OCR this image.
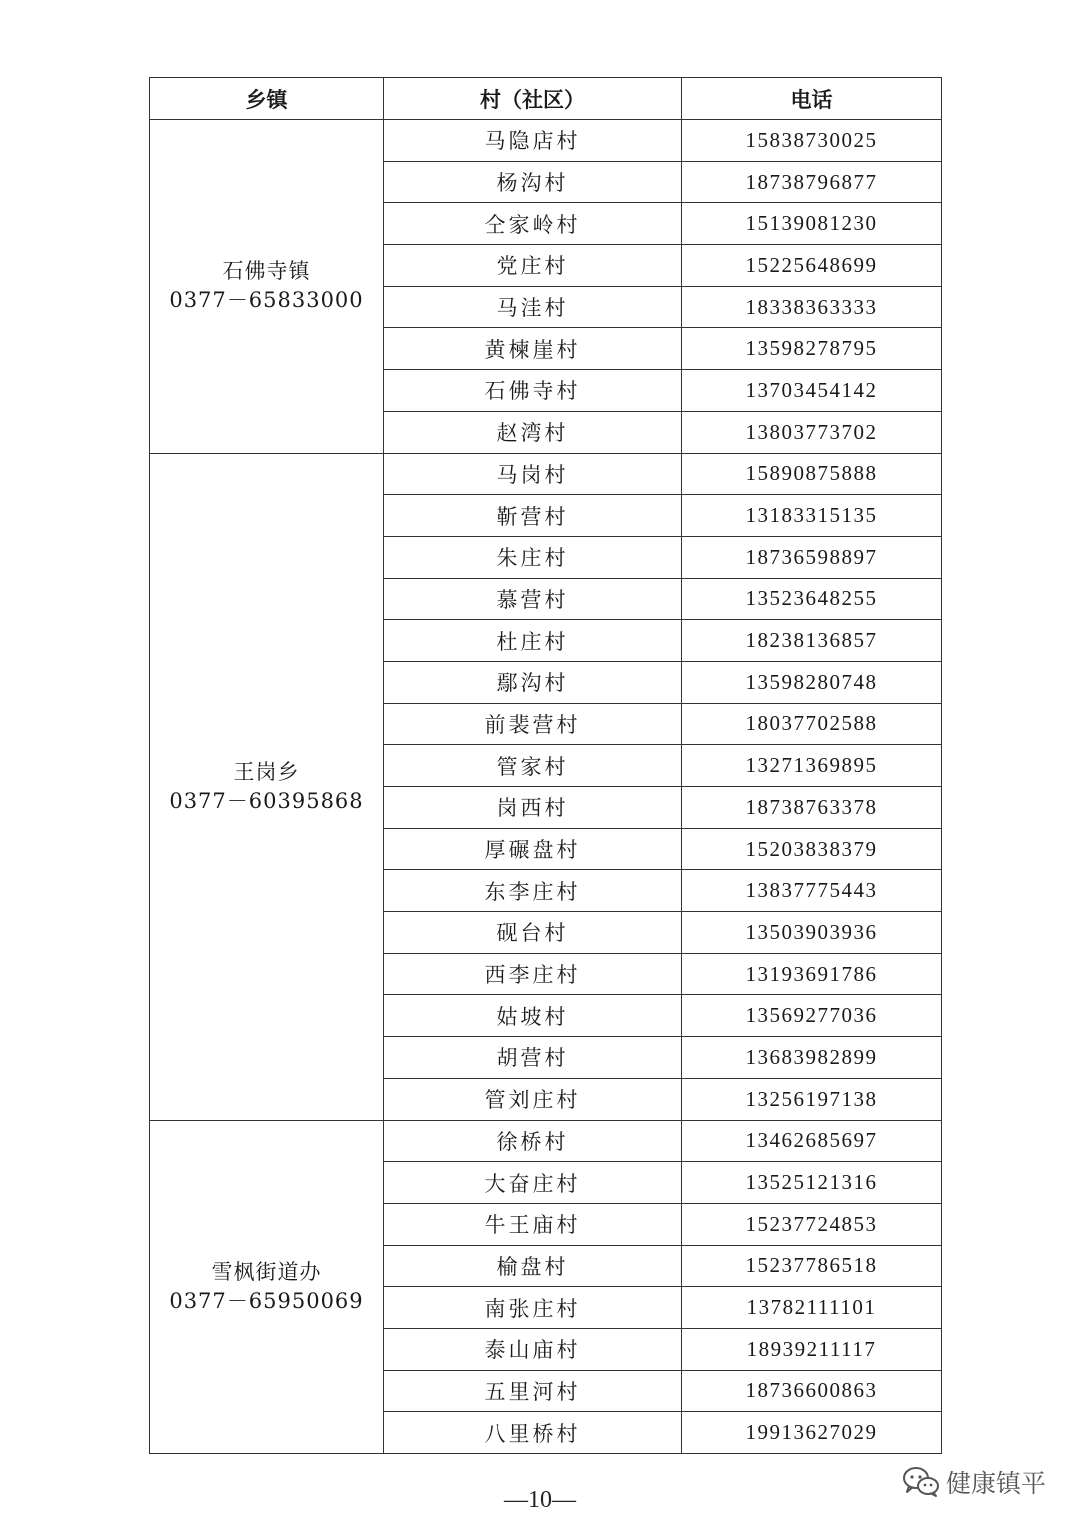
乡镇	村（社区）	电话

石佛寺镇
0377－65833000	马隐店村	15838730025
	杨沟村	18738796877
	仝家岭村	15139081230
	党庄村	15225648699
	马洼村	18338363333
	黄楝崖村	13598278795
	石佛寺村	13703454142
	赵湾村	13803773702

王岗乡
0377－60395868	马岗村	15890875888
	靳营村	13183315135
	朱庄村	18736598897
	慕营村	13523648255
	杜庄村	18238136857
	鄢沟村	13598280748
	前裴营村	18037702588
	管家村	13271369895
	岗西村	18738763378
	厚碾盘村	15203838379
	东李庄村	13837775443
	砚台村	13503903936
	西李庄村	13193691786
	姑坡村	13569277036
	胡营村	13683982899
	管刘庄村	13256197138

雪枫街道办
0377－65950069	徐桥村	13462685697
	大奋庄村	13525121316
	牛王庙村	15237724853
	榆盘村	15237786518
	南张庄村	13782111101
	泰山庙村	18939211117
	五里河村	18736600863
	八里桥村	19913627029
健康镇平
—10—
